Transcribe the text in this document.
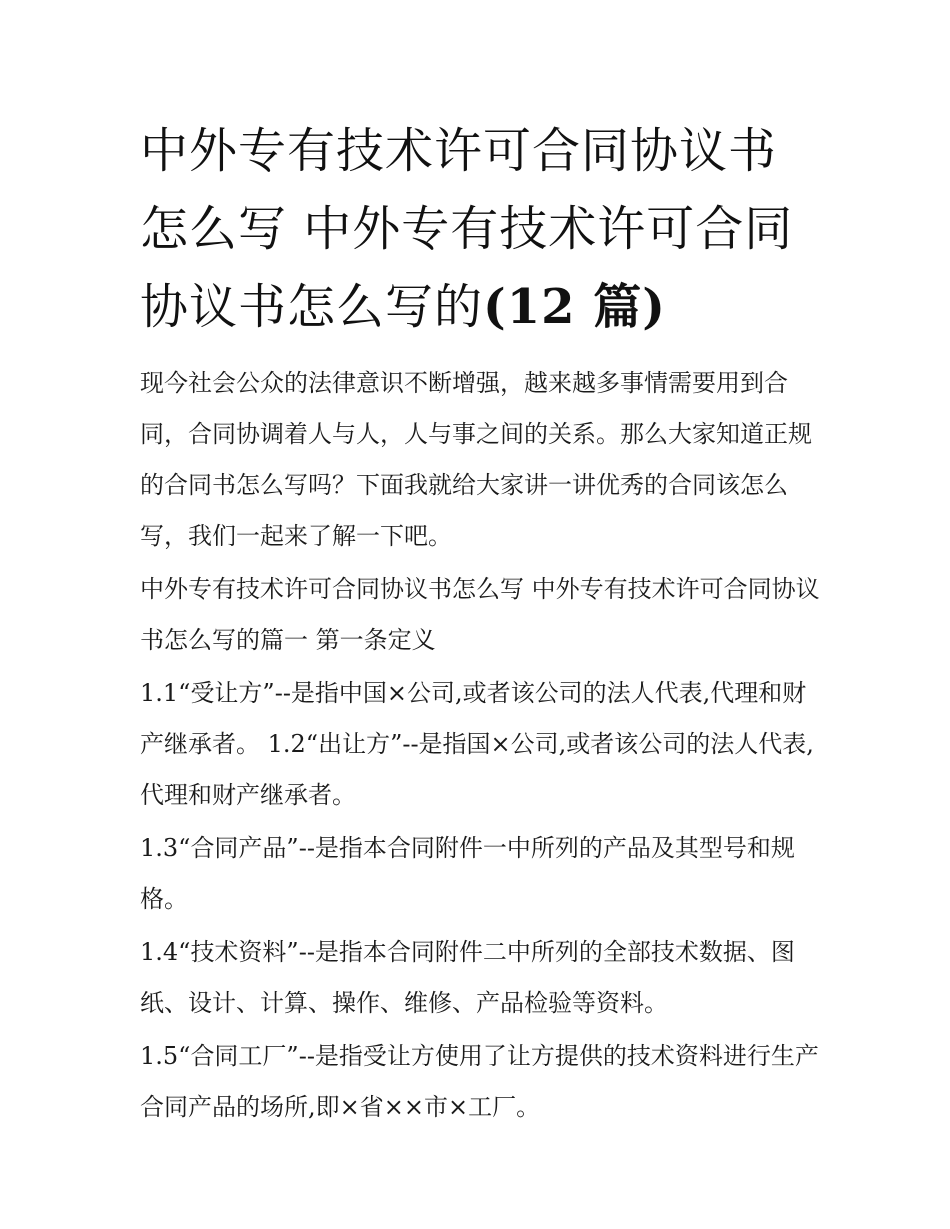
中外专有技术许可合同协议书怎么写 中外专有技术许可合同协议书怎么写的(12 篇)

现今社会公众的法律意识不断增强，越来越多事情需要用到合同，合同协调着人与人，人与事之间的关系。那么大家知道正规的合同书怎么写吗？下面我就给大家讲一讲优秀的合同该怎么写，我们一起来了解一下吧。

中外专有技术许可合同协议书怎么写 中外专有技术许可合同协议书怎么写的篇一 第一条定义

1.1“受让方”--是指中国×公司,或者该公司的法人代表,代理和财产继承者。 1.2“出让方”--是指国×公司,或者该公司的法人代表,代理和财产继承者。

1.3“合同产品”--是指本合同附件一中所列的产品及其型号和规格。

1.4“技术资料”--是指本合同附件二中所列的全部技术数据、图纸、设计、计算、操作、维修、产品检验等资料。

1.5“合同工厂”--是指受让方使用了让方提供的技术资料进行生产合同产品的场所,即×省××市×工厂。
